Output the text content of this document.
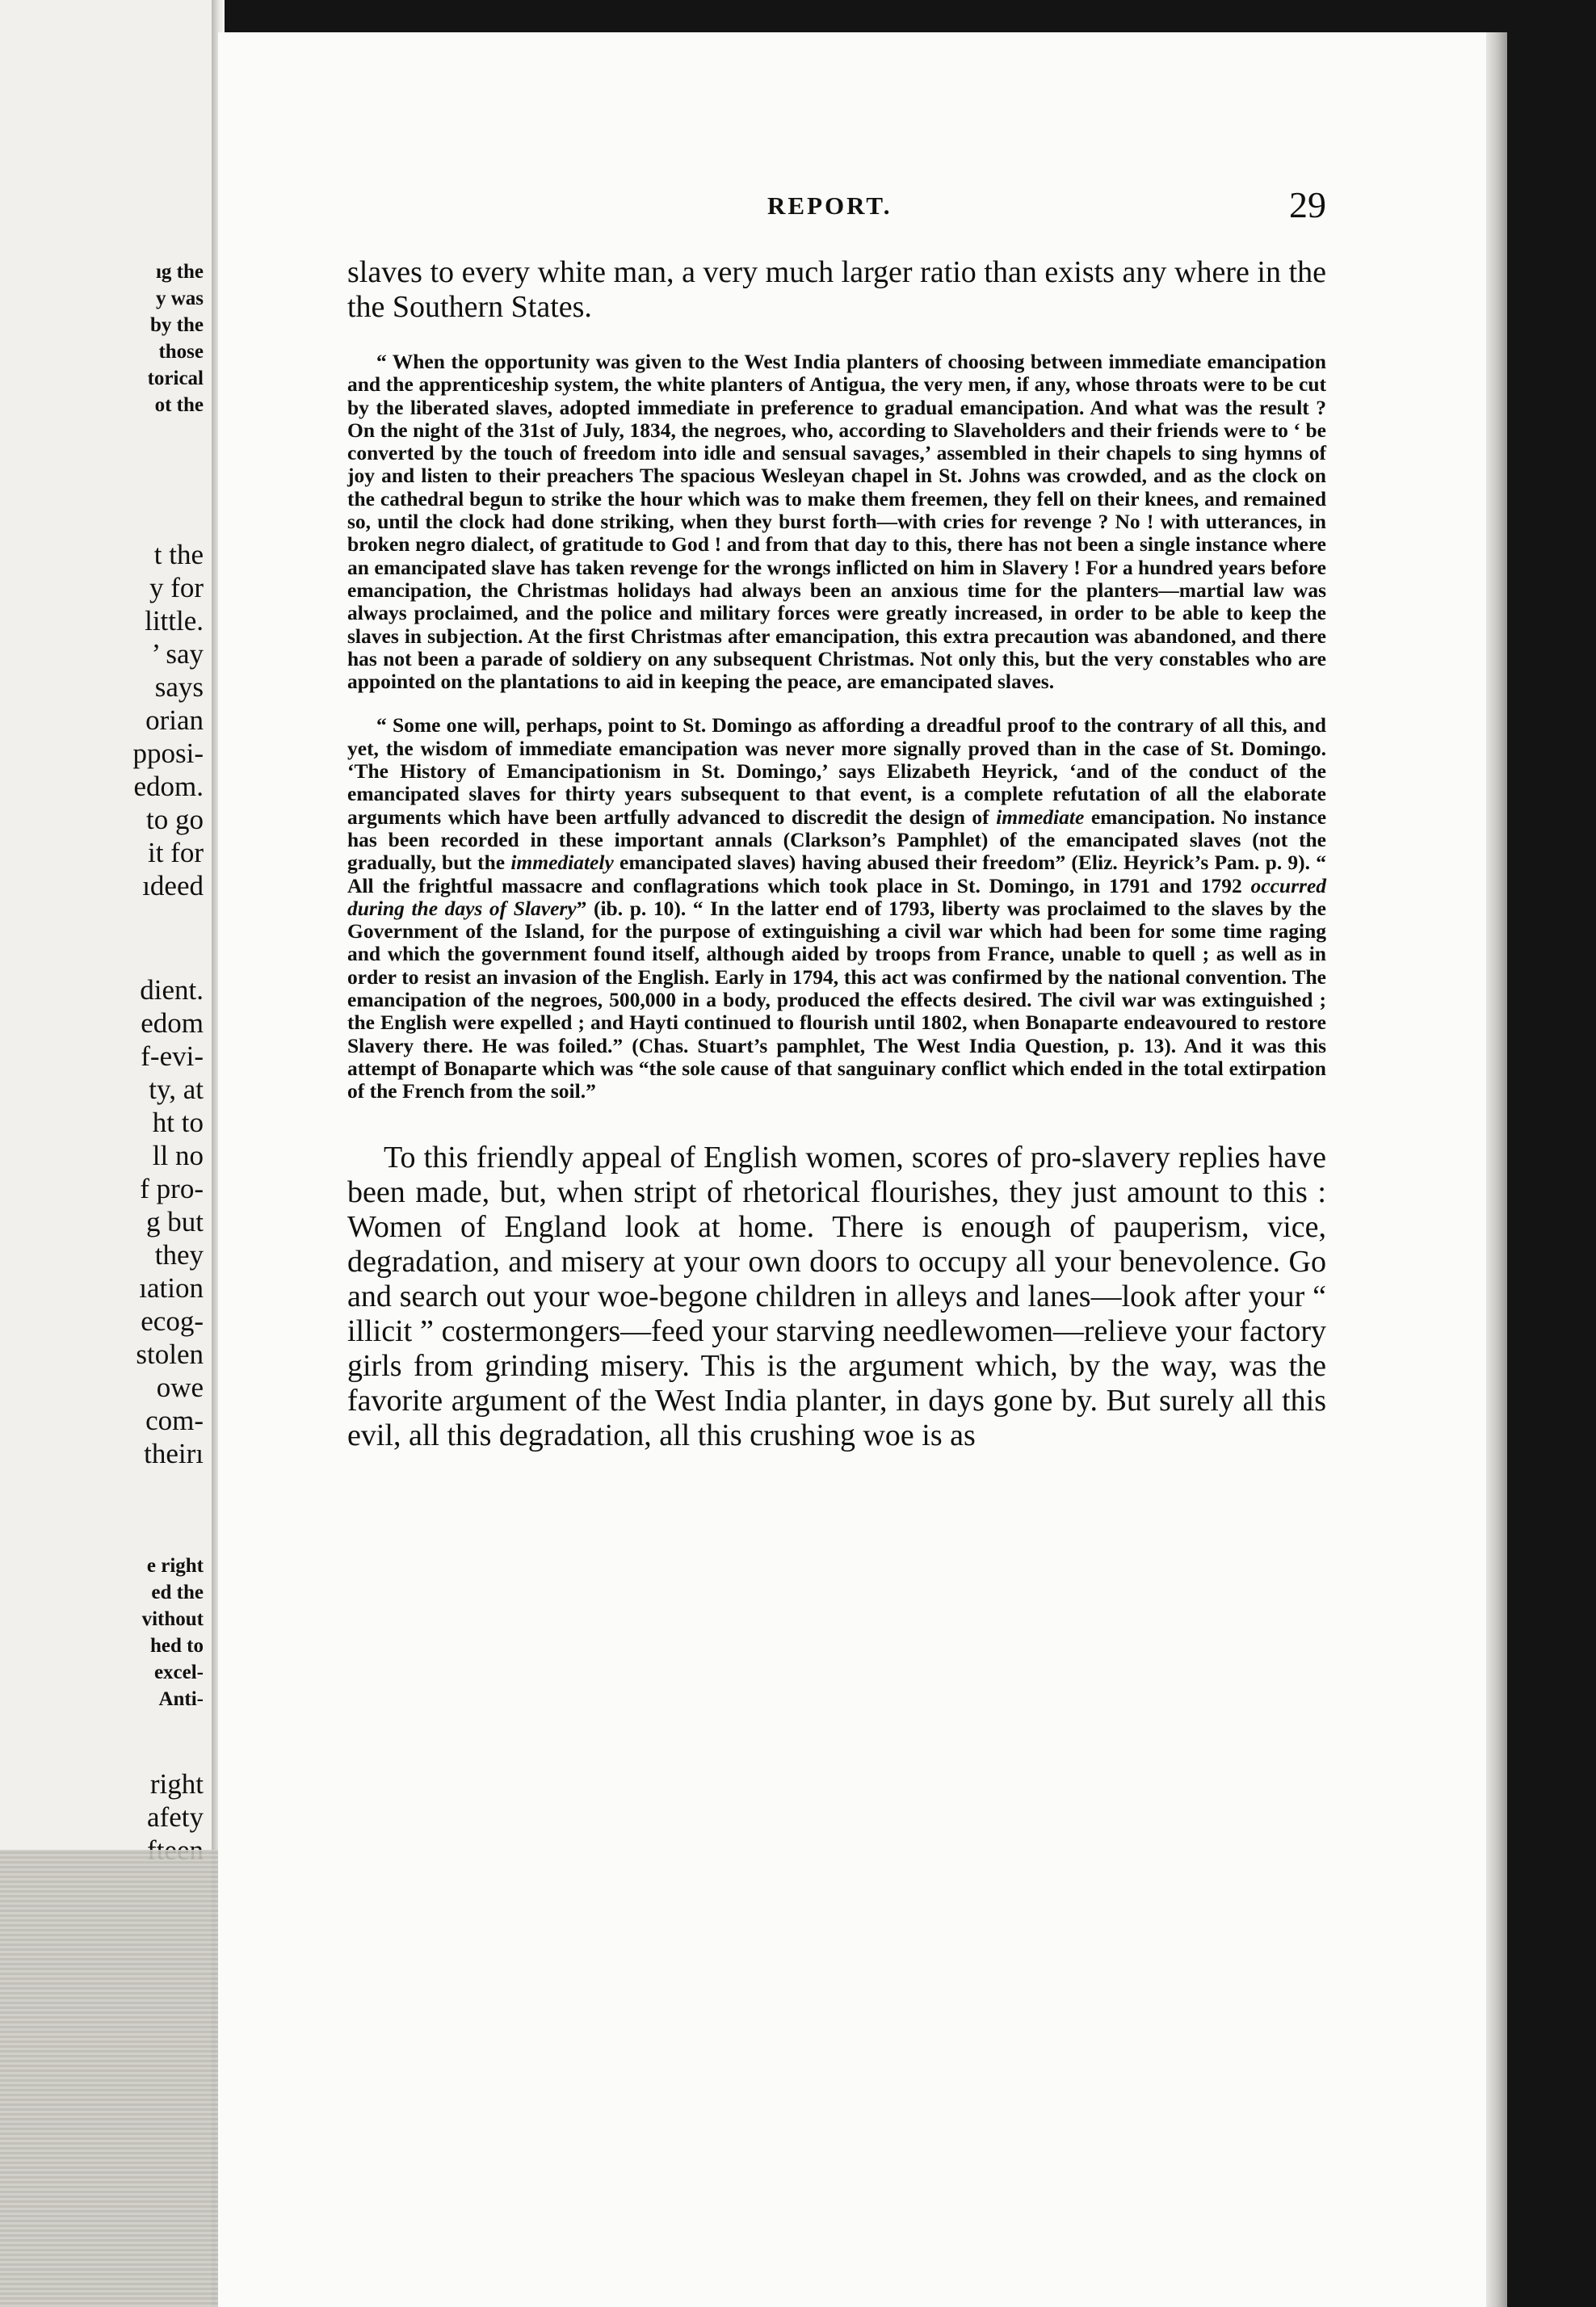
ıg the
y was
by the
those
torical
ot the
t the
y for
little.
’ say
says
orian
pposi-
edom.
to go
it for
ıdeed
dient.
edom
f-evi-
ty, at
ht to
ll no
f pro-
g but
they
ıation
ecog-
stolen
owe
com-
theirı
e right
ed the
vithout
hed to
excel-
Anti-
right
afety
REPORT.	29

slaves to every white man, a very much larger ratio than exists any where in the the Southern States.

“ When the opportunity was given to the West India planters of choosing between immediate emancipation and the apprenticeship system, the white planters of Antigua, the very men, if any, whose throats were to be cut by the liberated slaves, adopted immediate in preference to gradual emancipation. And what was the result ? On the night of the 31st of July, 1834, the negroes, who, according to Slaveholders and their friends were to ‘ be converted by the touch of freedom into idle and sensual savages,’ assembled in their chapels to sing hymns of joy and listen to their preachers The spacious Wesleyan chapel in St. Johns was crowded, and as the clock on the cathedral begun to strike the hour which was to make them freemen, they fell on their knees, and remained so, until the clock had done striking, when they burst forth—with cries for revenge ? No ! with utterances, in broken negro dialect, of gratitude to God ! and from that day to this, there has not been a single instance where an emancipated slave has taken revenge for the wrongs inflicted on him in Slavery ! For a hundred years before emancipation, the Christmas holidays had always been an anxious time for the planters—martial law was always proclaimed, and the police and military forces were greatly increased, in order to be able to keep the slaves in subjection. At the first Christmas after emancipation, this extra precaution was abandoned, and there has not been a parade of soldiery on any subsequent Christmas. Not only this, but the very constables who are appointed on the plantations to aid in keeping the peace, are emancipated slaves.

“ Some one will, perhaps, point to St. Domingo as affording a dreadful proof to the contrary of all this, and yet, the wisdom of immediate emancipation was never more signally proved than in the case of St. Domingo. ‘The History of Emancipationism in St. Domingo,’ says Elizabeth Heyrick, ‘and of the conduct of the emancipated slaves for thirty years subsequent to that event, is a complete refutation of all the elaborate arguments which have been artfully advanced to discredit the design of immediate emancipation. No instance has been recorded in these important annals (Clarkson’s Pamphlet) of the emancipated slaves (not the gradually, but the immediately emancipated slaves) having abused their freedom” (Eliz. Heyrick’s Pam. p. 9). “ All the frightful massacre and conflagrations which took place in St. Domingo, in 1791 and 1792 occurred during the days of Slavery” (ib. p. 10). “ In the latter end of 1793, liberty was proclaimed to the slaves by the Government of the Island, for the purpose of extinguishing a civil war which had been for some time raging and which the government found itself, although aided by troops from France, unable to quell ; as well as in order to resist an invasion of the English. Early in 1794, this act was confirmed by the national convention. The emancipation of the negroes, 500,000 in a body, produced the effects desired. The civil war was extinguished ; the English were expelled ; and Hayti continued to flourish until 1802, when Bonaparte endeavoured to restore Slavery there. He was foiled.” (Chas. Stuart’s pamphlet, The West India Question, p. 13). And it was this attempt of Bonaparte which was “the sole cause of that sanguinary conflict which ended in the total extirpation of the French from the soil.”

To this friendly appeal of English women, scores of pro-slavery replies have been made, but, when stript of rhetorical flourishes, they just amount to this : Women of England look at home. There is enough of pauperism, vice, degradation, and misery at your own doors to occupy all your benevolence. Go and search out your woe-begone children in alleys and lanes—look after your “ illicit ” costermongers—feed your starving needlewomen—relieve your factory girls from grinding misery. This is the argument which, by the way, was the favorite argument of the West India planter, in days gone by. But surely all this evil, all this degradation, all this crushing woe is as
